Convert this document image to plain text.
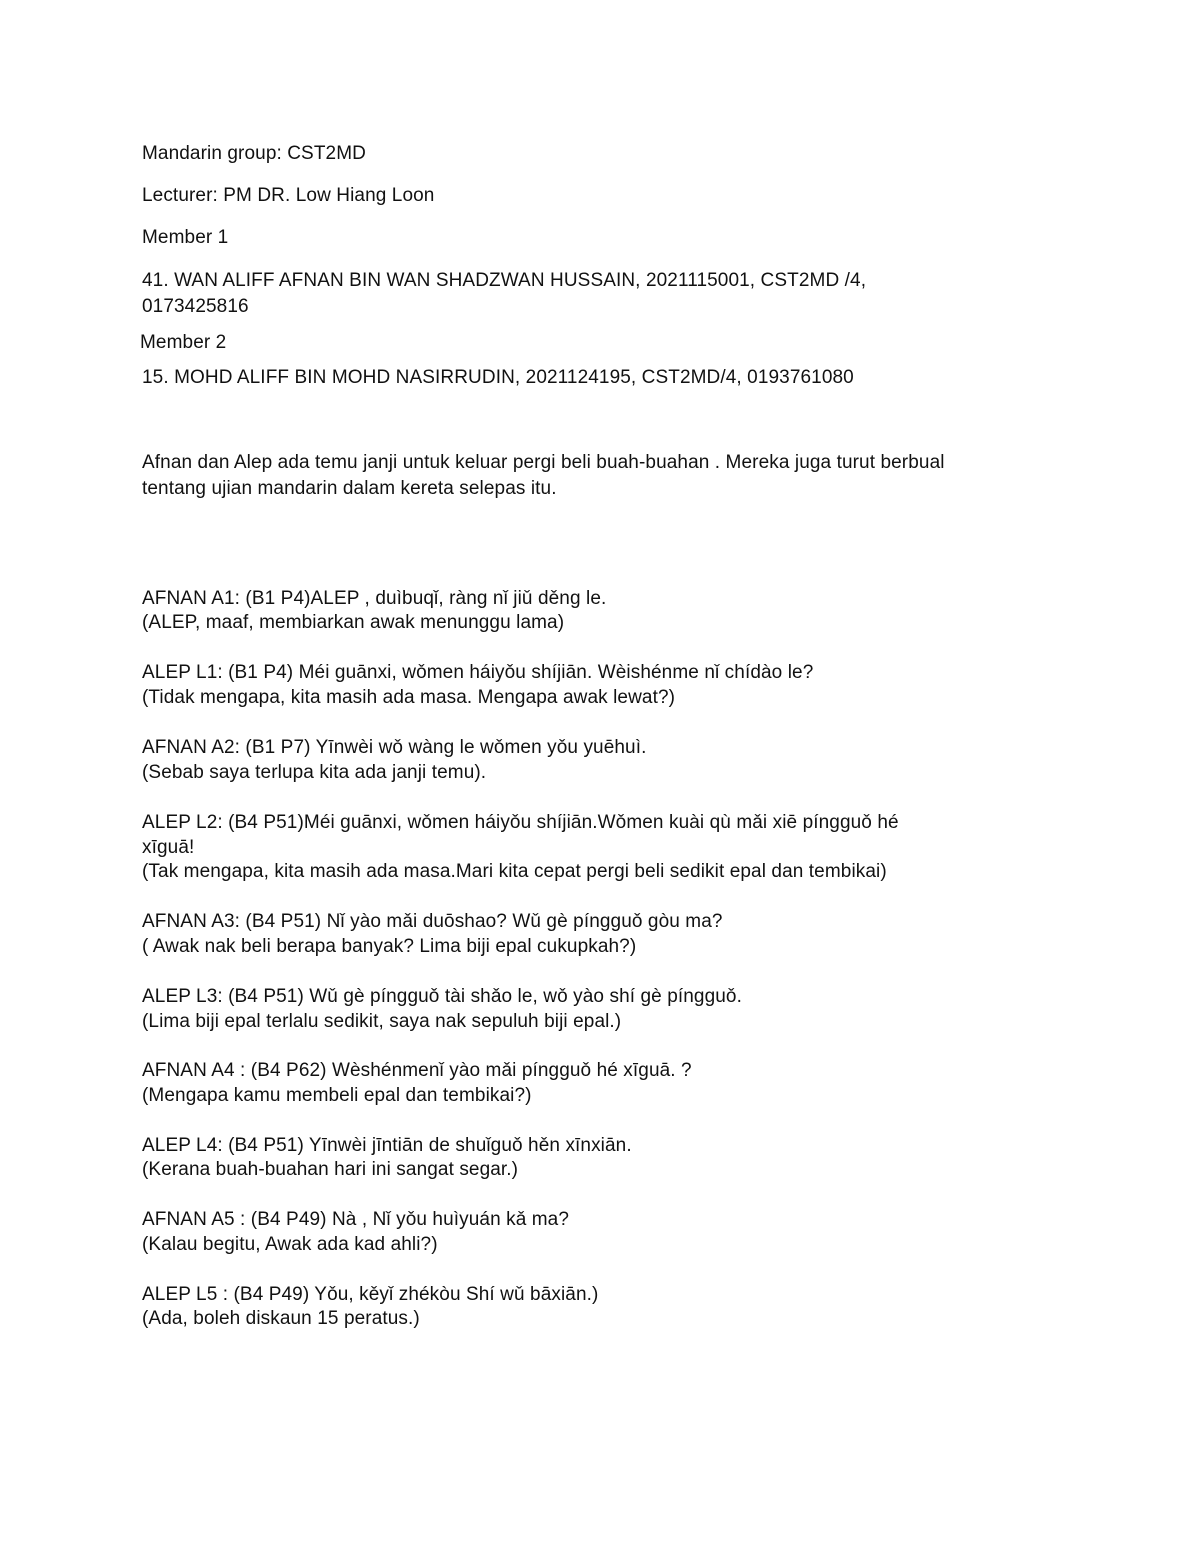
Mandarin group: CST2MD
Lecturer: PM DR. Low Hiang Loon
Member 1
41. WAN ALIFF AFNAN BIN WAN SHADZWAN HUSSAIN, 2021115001, CST2MD /4,
0173425816
Member 2
15. MOHD ALIFF BIN MOHD NASIRRUDIN, 2021124195, CST2MD/4, 0193761080
Afnan dan Alep ada temu janji untuk keluar pergi beli buah-buahan . Mereka juga turut berbual
tentang ujian mandarin dalam kereta selepas itu.
AFNAN A1: (B1 P4)ALEP , duìbuqǐ, ràng nǐ jiǔ děng le.
(ALEP, maaf, membiarkan awak menunggu lama)
ALEP L1: (B1 P4) Méi guānxi, wǒmen háiyǒu shíjiān. Wèishénme nǐ chídào le?
(Tidak mengapa, kita masih ada masa. Mengapa awak lewat?)
AFNAN A2: (B1 P7) Yīnwèi wǒ wàng le wǒmen yǒu yuēhuì.
(Sebab saya terlupa kita ada janji temu).
ALEP L2: (B4 P51)Méi guānxi, wǒmen háiyǒu shíjiān.Wǒmen kuài qù mǎi xiē píngguǒ hé
xīguā!
(Tak mengapa, kita masih ada masa.Mari kita cepat pergi beli sedikit epal dan tembikai)
AFNAN A3: (B4 P51) Nǐ yào mǎi duōshao? Wǔ gè píngguǒ gòu ma?
( Awak nak beli berapa banyak? Lima biji epal cukupkah?)
ALEP L3: (B4 P51) Wǔ gè píngguǒ tài shǎo le, wǒ yào shí gè píngguǒ.
(Lima biji epal terlalu sedikit, saya nak sepuluh biji epal.)
AFNAN A4 : (B4 P62) Wèshénmenǐ yào mǎi píngguǒ hé xīguā. ?
(Mengapa kamu membeli epal dan tembikai?)
ALEP L4: (B4 P51) Yīnwèi jīntiān de shuǐguǒ hěn xīnxiān.
(Kerana buah-buahan hari ini sangat segar.)
AFNAN A5 : (B4 P49) Nà , Nǐ yǒu huìyuán kǎ ma?
(Kalau begitu, Awak ada kad ahli?)
ALEP L5 : (B4 P49) Yǒu, kěyǐ zhékòu Shí wǔ bāxiān.)
(Ada, boleh diskaun 15 peratus.)
